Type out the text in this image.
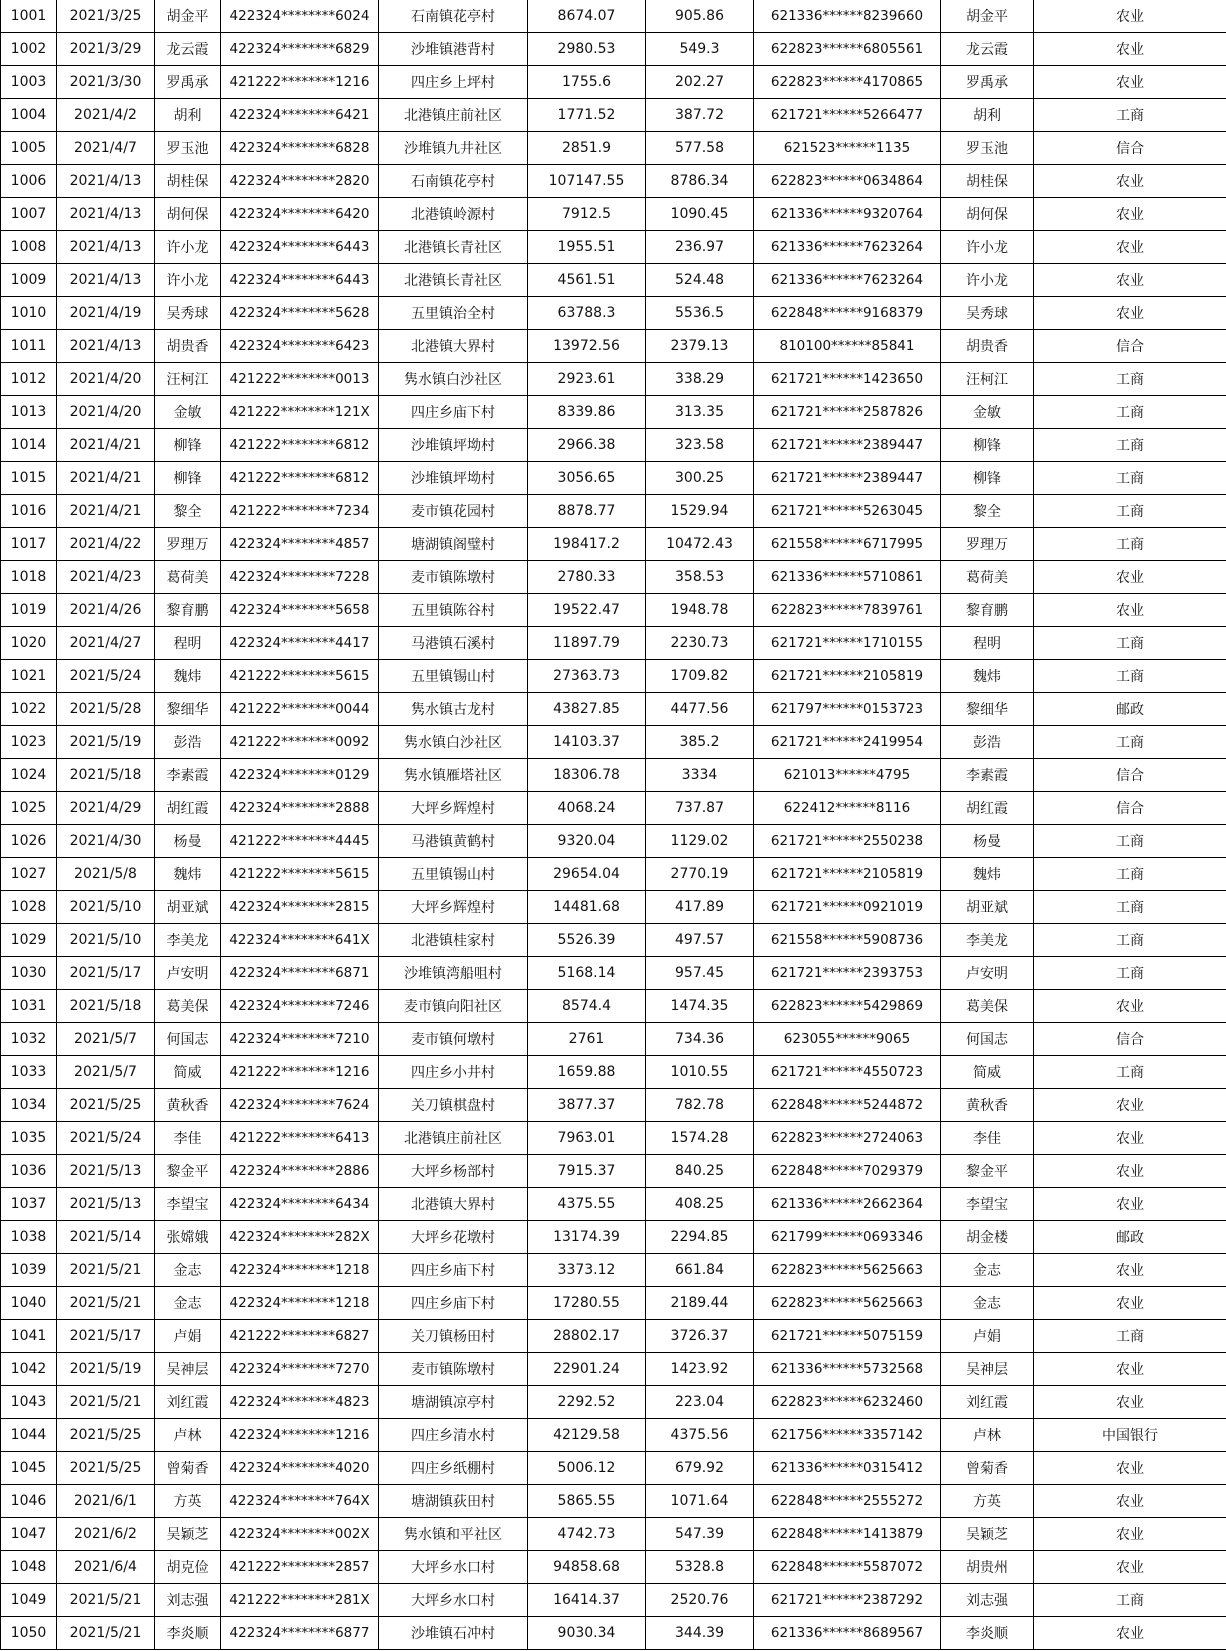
1001	2021/3/25	胡金平	422324********6024	石南镇花亭村	8674.07	905.86	621336******8239660	胡金平	农业
1002	2021/3/29	龙云霞	422324********6829	沙堆镇港背村	2980.53	549.3	622823******6805561	龙云霞	农业
1003	2021/3/30	罗禹承	421222********1216	四庄乡上坪村	1755.6	202.27	622823******4170865	罗禹承	农业
1004	2021/4/2	胡利	422324********6421	北港镇庄前社区	1771.52	387.72	621721******5266477	胡利	工商
1005	2021/4/7	罗玉池	422324********6828	沙堆镇九井社区	2851.9	577.58	621523******1135	罗玉池	信合
1006	2021/4/13	胡桂保	422324********2820	石南镇花亭村	107147.55	8786.34	622823******0634864	胡桂保	农业
1007	2021/4/13	胡何保	422324********6420	北港镇岭源村	7912.5	1090.45	621336******9320764	胡何保	农业
1008	2021/4/13	许小龙	422324********6443	北港镇长青社区	1955.51	236.97	621336******7623264	许小龙	农业
1009	2021/4/13	许小龙	422324********6443	北港镇长青社区	4561.51	524.48	621336******7623264	许小龙	农业
1010	2021/4/19	吴秀球	422324********5628	五里镇治全村	63788.3	5536.5	622848******9168379	吴秀球	农业
1011	2021/4/13	胡贵香	422324********6423	北港镇大界村	13972.56	2379.13	810100******85841	胡贵香	信合
1012	2021/4/20	汪柯江	421222********0013	隽水镇白沙社区	2923.61	338.29	621721******1423650	汪柯江	工商
1013	2021/4/20	金敏	421222********121X	四庄乡庙下村	8339.86	313.35	621721******2587826	金敏	工商
1014	2021/4/21	柳锋	421222********6812	沙堆镇坪坳村	2966.38	323.58	621721******2389447	柳锋	工商
1015	2021/4/21	柳锋	421222********6812	沙堆镇坪坳村	3056.65	300.25	621721******2389447	柳锋	工商
1016	2021/4/21	黎全	421222********7234	麦市镇花园村	8878.77	1529.94	621721******5263045	黎全	工商
1017	2021/4/22	罗理万	422324********4857	塘湖镇阁璧村	198417.2	10472.43	621558******6717995	罗理万	工商
1018	2021/4/23	葛荷美	422324********7228	麦市镇陈墩村	2780.33	358.53	621336******5710861	葛荷美	农业
1019	2021/4/26	黎育鹏	422324********5658	五里镇陈谷村	19522.47	1948.78	622823******7839761	黎育鹏	农业
1020	2021/4/27	程明	422324********4417	马港镇石溪村	11897.79	2230.73	621721******1710155	程明	工商
1021	2021/5/24	魏炜	421222********5615	五里镇锡山村	27363.73	1709.82	621721******2105819	魏炜	工商
1022	2021/5/28	黎细华	421222********0044	隽水镇古龙村	43827.85	4477.56	621797******0153723	黎细华	邮政
1023	2021/5/19	彭浩	421222********0092	隽水镇白沙社区	14103.37	385.2	621721******2419954	彭浩	工商
1024	2021/5/18	李素霞	422324********0129	隽水镇雁塔社区	18306.78	3334	621013******4795	李素霞	信合
1025	2021/4/29	胡红霞	422324********2888	大坪乡辉煌村	4068.24	737.87	622412******8116	胡红霞	信合
1026	2021/4/30	杨曼	421222********4445	马港镇黄鹤村	9320.04	1129.02	621721******2550238	杨曼	工商
1027	2021/5/8	魏炜	421222********5615	五里镇锡山村	29654.04	2770.19	621721******2105819	魏炜	工商
1028	2021/5/10	胡亚斌	422324********2815	大坪乡辉煌村	14481.68	417.89	621721******0921019	胡亚斌	工商
1029	2021/5/10	李美龙	422324********641X	北港镇桂家村	5526.39	497.57	621558******5908736	李美龙	工商
1030	2021/5/17	卢安明	422324********6871	沙堆镇湾船咀村	5168.14	957.45	621721******2393753	卢安明	工商
1031	2021/5/18	葛美保	422324********7246	麦市镇向阳社区	8574.4	1474.35	622823******5429869	葛美保	农业
1032	2021/5/7	何国志	422324********7210	麦市镇何墩村	2761	734.36	623055******9065	何国志	信合
1033	2021/5/7	简威	421222********1216	四庄乡小井村	1659.88	1010.55	621721******4550723	简威	工商
1034	2021/5/25	黄秋香	422324********7624	关刀镇棋盘村	3877.37	782.78	622848******5244872	黄秋香	农业
1035	2021/5/24	李佳	421222********6413	北港镇庄前社区	7963.01	1574.28	622823******2724063	李佳	农业
1036	2021/5/13	黎金平	422324********2886	大坪乡杨部村	7915.37	840.25	622848******7029379	黎金平	农业
1037	2021/5/13	李望宝	422324********6434	北港镇大界村	4375.55	408.25	621336******2662364	李望宝	农业
1038	2021/5/14	张嫦娥	422324********282X	大坪乡花墩村	13174.39	2294.85	621799******0693346	胡金楼	邮政
1039	2021/5/21	金志	422324********1218	四庄乡庙下村	3373.12	661.84	622823******5625663	金志	农业
1040	2021/5/21	金志	422324********1218	四庄乡庙下村	17280.55	2189.44	622823******5625663	金志	农业
1041	2021/5/17	卢娟	421222********6827	关刀镇杨田村	28802.17	3726.37	621721******5075159	卢娟	工商
1042	2021/5/19	吴神层	422324********7270	麦市镇陈墩村	22901.24	1423.92	621336******5732568	吴神层	农业
1043	2021/5/21	刘红霞	422324********4823	塘湖镇凉亭村	2292.52	223.04	622823******6232460	刘红霞	农业
1044	2021/5/25	卢林	422324********1216	四庄乡清水村	42129.58	4375.56	621756******3357142	卢林	中国银行
1045	2021/5/25	曾菊香	422324********4020	四庄乡纸棚村	5006.12	679.92	621336******0315412	曾菊香	农业
1046	2021/6/1	方英	422324********764X	塘湖镇荻田村	5865.55	1071.64	622848******2555272	方英	农业
1047	2021/6/2	吴颖芝	422324********002X	隽水镇和平社区	4742.73	547.39	622848******1413879	吴颖芝	农业
1048	2021/6/4	胡克俭	421222********2857	大坪乡水口村	94858.68	5328.8	622848******5587072	胡贵州	农业
1049	2021/5/21	刘志强	421222********281X	大坪乡水口村	16414.37	2520.76	621721******2387292	刘志强	工商
1050	2021/5/21	李炎顺	422324********6877	沙堆镇石冲村	9030.34	344.39	621336******8689567	李炎顺	农业
